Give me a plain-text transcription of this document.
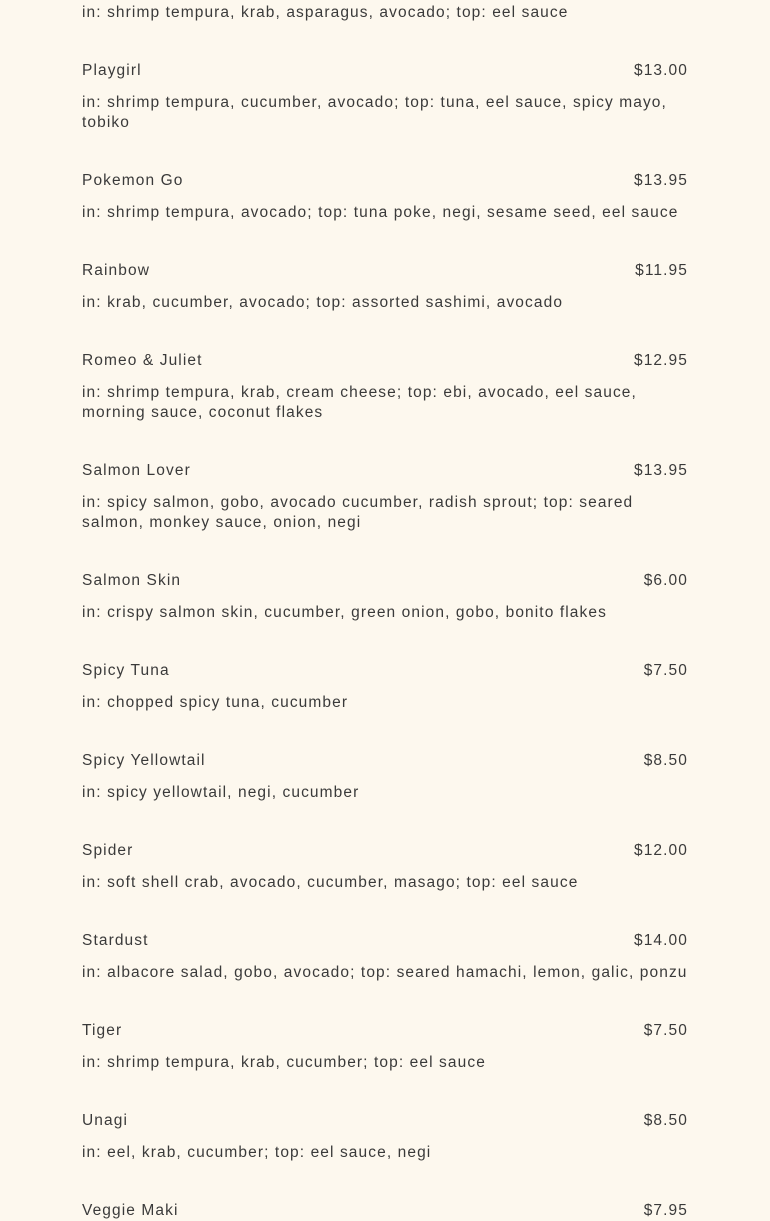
in: shrimp tempura, krab, asparagus, avocado; top: eel sauce
Playgirl	$13.00
in: shrimp tempura, cucumber, avocado; top: tuna, eel sauce, spicy mayo, tobiko
Pokemon Go	$13.95
in: shrimp tempura, avocado; top: tuna poke, negi, sesame seed, eel sauce
Rainbow	$11.95
in: krab, cucumber, avocado; top: assorted sashimi, avocado
Romeo & Juliet	$12.95
in: shrimp tempura, krab, cream cheese; top: ebi, avocado, eel sauce, morning sauce, coconut flakes
Salmon Lover	$13.95
in: spicy salmon, gobo, avocado cucumber, radish sprout; top: seared salmon, monkey sauce, onion, negi
Salmon Skin	$6.00
in: crispy salmon skin, cucumber, green onion, gobo, bonito flakes
Spicy Tuna	$7.50
in: chopped spicy tuna, cucumber
Spicy Yellowtail	$8.50
in: spicy yellowtail, negi, cucumber
Spider	$12.00
in: soft shell crab, avocado, cucumber, masago; top: eel sauce
Stardust	$14.00
in: albacore salad, gobo, avocado; top: seared hamachi, lemon, galic, ponzu
Tiger	$7.50
in: shrimp tempura, krab, cucumber; top: eel sauce
Unagi	$8.50
in: eel, krab, cucumber; top: eel sauce, negi
Veggie Maki	$7.95
